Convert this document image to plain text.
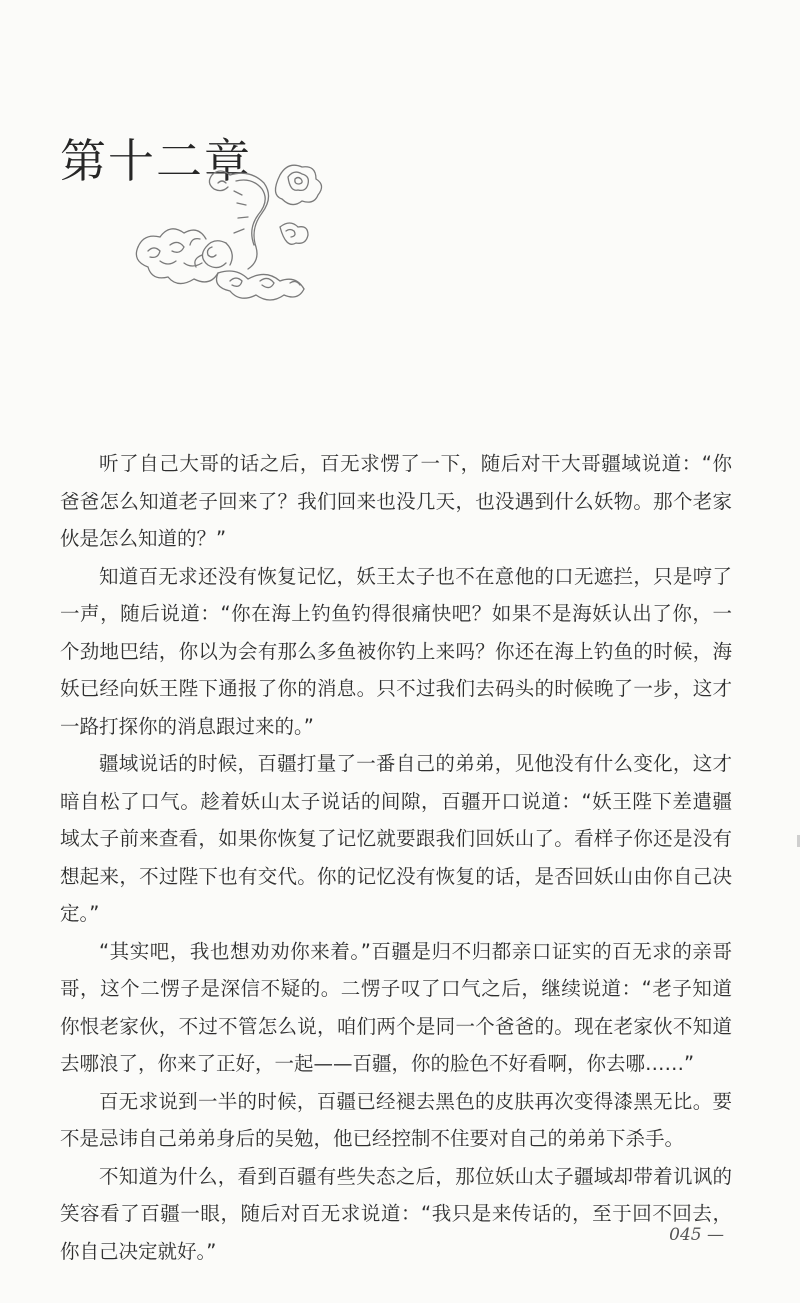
第十二章

听了自己大哥的话之后，百无求愣了一下，随后对干大哥疆域说道：“你爸爸怎么知道老子回来了？我们回来也没几天，也没遇到什么妖物。那个老家伙是怎么知道的？”

知道百无求还没有恢复记忆，妖王太子也不在意他的口无遮拦，只是哼了一声，随后说道：“你在海上钓鱼钓得很痛快吧？如果不是海妖认出了你，一个劲地巴结，你以为会有那么多鱼被你钓上来吗？你还在海上钓鱼的时候，海妖已经向妖王陛下通报了你的消息。只不过我们去码头的时候晚了一步，这才一路打探你的消息跟过来的。”

疆域说话的时候，百疆打量了一番自己的弟弟，见他没有什么变化，这才暗自松了口气。趁着妖山太子说话的间隙，百疆开口说道：“妖王陛下差遣疆域太子前来查看，如果你恢复了记忆就要跟我们回妖山了。看样子你还是没有想起来，不过陛下也有交代。你的记忆没有恢复的话，是否回妖山由你自己决定。”

“其实吧，我也想劝劝你来着。”百疆是归不归都亲口证实的百无求的亲哥哥，这个二愣子是深信不疑的。二愣子叹了口气之后，继续说道：“老子知道你恨老家伙，不过不管怎么说，咱们两个是同一个爸爸的。现在老家伙不知道去哪浪了，你来了正好，一起——百疆，你的脸色不好看啊，你去哪……”

百无求说到一半的时候，百疆已经褪去黑色的皮肤再次变得漆黑无比。要不是忌讳自己弟弟身后的吴勉，他已经控制不住要对自己的弟弟下杀手。

不知道为什么，看到百疆有些失态之后，那位妖山太子疆域却带着讥讽的笑容看了百疆一眼，随后对百无求说道：“我只是来传话的，至于回不回去，你自己决定就好。”

045 —
